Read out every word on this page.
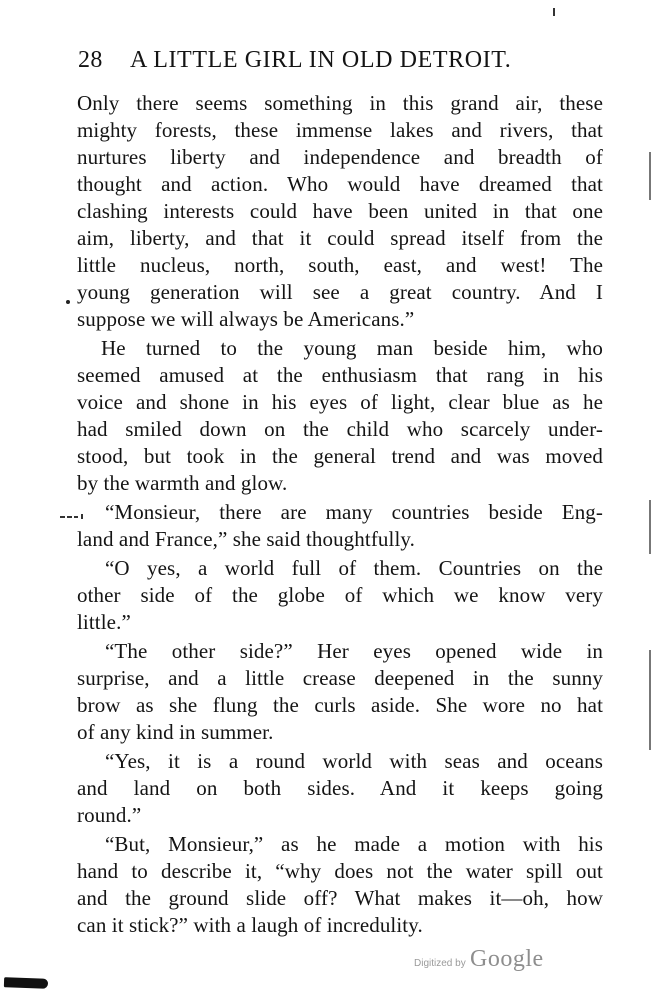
28 A LITTLE GIRL IN OLD DETROIT.
Only there seems something in this grand air, these
mighty forests, these immense lakes and rivers, that
nurtures liberty and independence and breadth of
thought and action. Who would have dreamed that
clashing interests could have been united in that one
aim, liberty, and that it could spread itself from the
little nucleus, north, south, east, and west! The
young generation will see a great country. And I
suppose we will always be Americans.”
He turned to the young man beside him, who
seemed amused at the enthusiasm that rang in his
voice and shone in his eyes of light, clear blue as he
had smiled down on the child who scarcely under-
stood, but took in the general trend and was moved
by the warmth and glow.
“Monsieur, there are many countries beside Eng-
land and France,” she said thoughtfully.
“O yes, a world full of them. Countries on the
other side of the globe of which we know very
little.”
“The other side?” Her eyes opened wide in
surprise, and a little crease deepened in the sunny
brow as she flung the curls aside. She wore no hat
of any kind in summer.
“Yes, it is a round world with seas and oceans
and land on both sides. And it keeps going
round.”
“But, Monsieur,” as he made a motion with his
hand to describe it, “why does not the water spill out
and the ground slide off? What makes it—oh, how
can it stick?” with a laugh of incredulity.
Digitized by Google
